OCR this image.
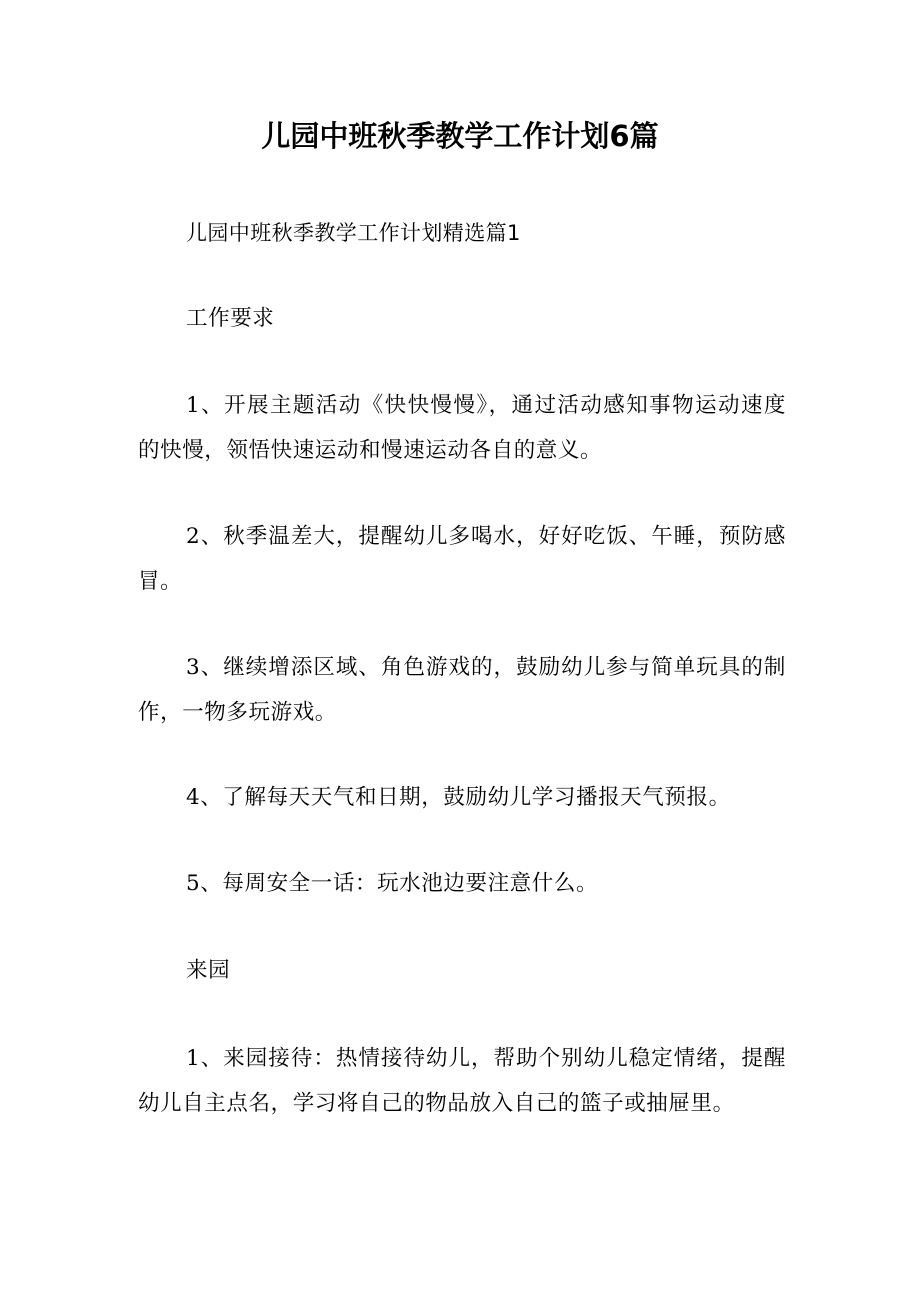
儿园中班秋季教学工作计划6篇

儿园中班秋季教学工作计划精选篇1

工作要求

1、开展主题活动《快快慢慢》，通过活动感知事物运动速度的快慢，领悟快速运动和慢速运动各自的意义。

2、秋季温差大，提醒幼儿多喝水，好好吃饭、午睡，预防感冒。

3、继续增添区域、角色游戏的，鼓励幼儿参与简单玩具的制作，一物多玩游戏。

4、了解每天天气和日期，鼓励幼儿学习播报天气预报。

5、每周安全一话：玩水池边要注意什么。

来园

1、来园接待：热情接待幼儿，帮助个别幼儿稳定情绪，提醒幼儿自主点名，学习将自己的物品放入自己的篮子或抽屉里。
